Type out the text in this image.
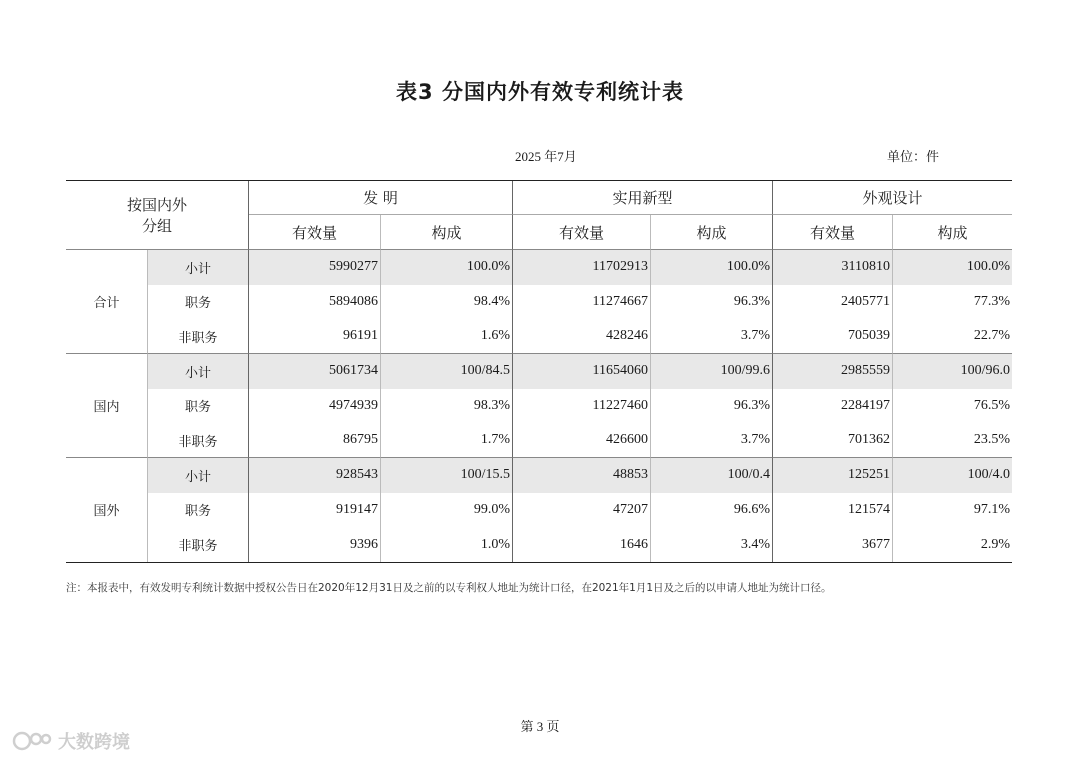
表3 分国内外有效专利统计表
2025 年7月	单位：件
按国内外
分组
发 明	实用新型	外观设计
有效量	构成	有效量	构成	有效量	构成
合计
小计	5990277	100.0%	11702913	100.0%	3110810	100.0%
职务	5894086	98.4%	11274667	96.3%	2405771	77.3%
非职务	96191	1.6%	428246	3.7%	705039	22.7%
国内
小计	5061734	100/84.5	11654060	100/99.6	2985559	100/96.0
职务	4974939	98.3%	11227460	96.3%	2284197	76.5%
非职务	86795	1.7%	426600	3.7%	701362	23.5%
国外
小计	928543	100/15.5	48853	100/0.4	125251	100/4.0
职务	919147	99.0%	47207	96.6%	121574	97.1%
非职务	9396	1.0%	1646	3.4%	3677	2.9%
注：本报表中，有效发明专利统计数据中授权公告日在2020年12月31日及之前的以专利权人地址为统计口径，在2021年1月1日及之后的以申请人地址为统计口径。
第 3 页
大数跨境
